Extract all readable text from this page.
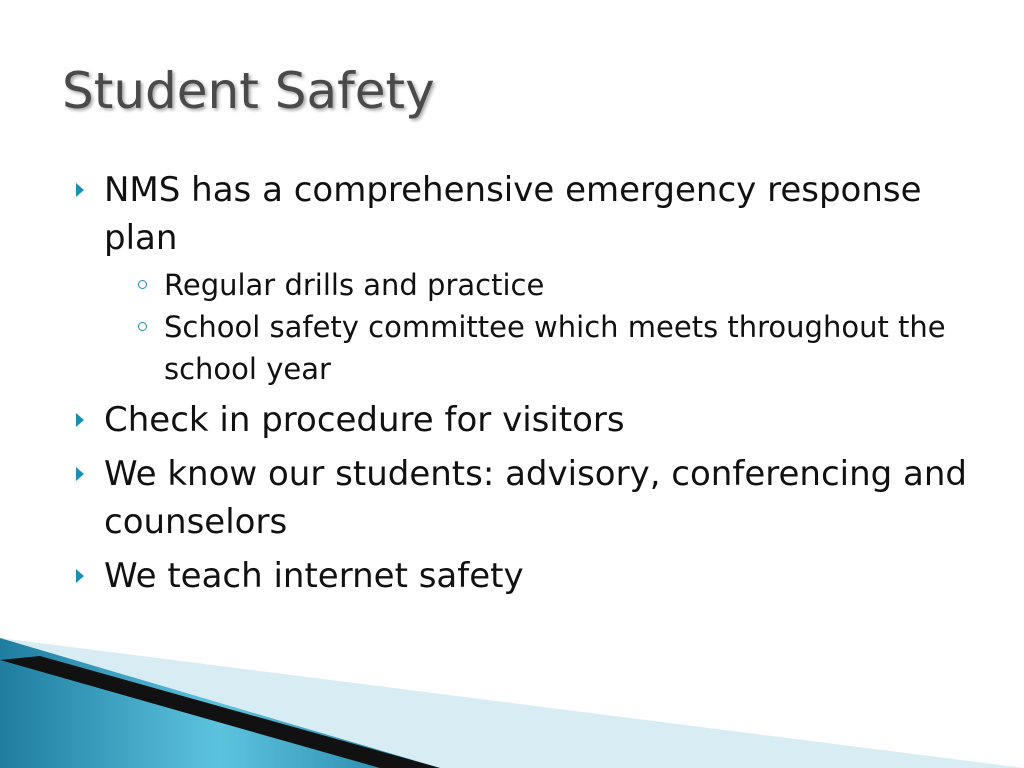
Student Safety
NMS has a comprehensive emergency response plan
Regular drills and practice
School safety committee which meets throughout the school year
Check in procedure for visitors
We know our students: advisory, conferencing and counselors
We teach internet safety
